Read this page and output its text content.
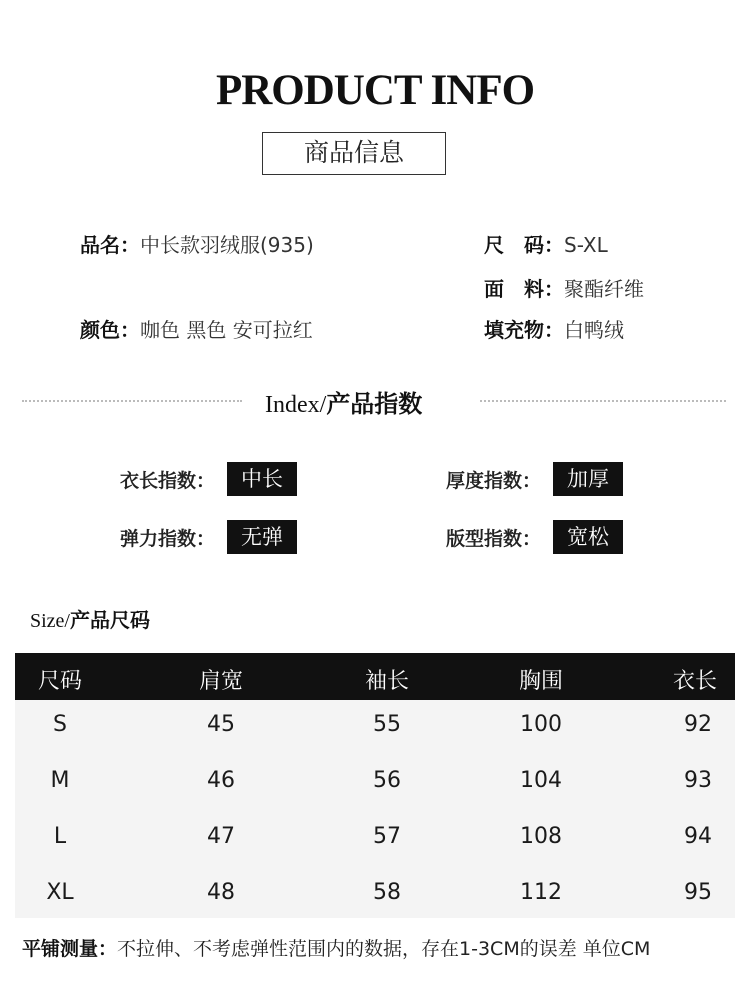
PRODUCT INFO
商品信息
品名：中长款羽绒服(935)	尺　码：S-XL
面　料：聚酯纤维
颜色：咖色 黑色 安可拉红	填充物：白鸭绒
Index/产品指数
衣长指数：	中长	厚度指数：	加厚
弹力指数：	无弹	版型指数：	宽松
Size/产品尺码
尺码	肩宽	袖长	胸围	衣长
S	45	55	100	92
M	46	56	104	93
L	47	57	108	94
XL	48	58	112	95
平铺测量：不拉伸、不考虑弹性范围内的数据，存在1-3CM的误差 单位CM
